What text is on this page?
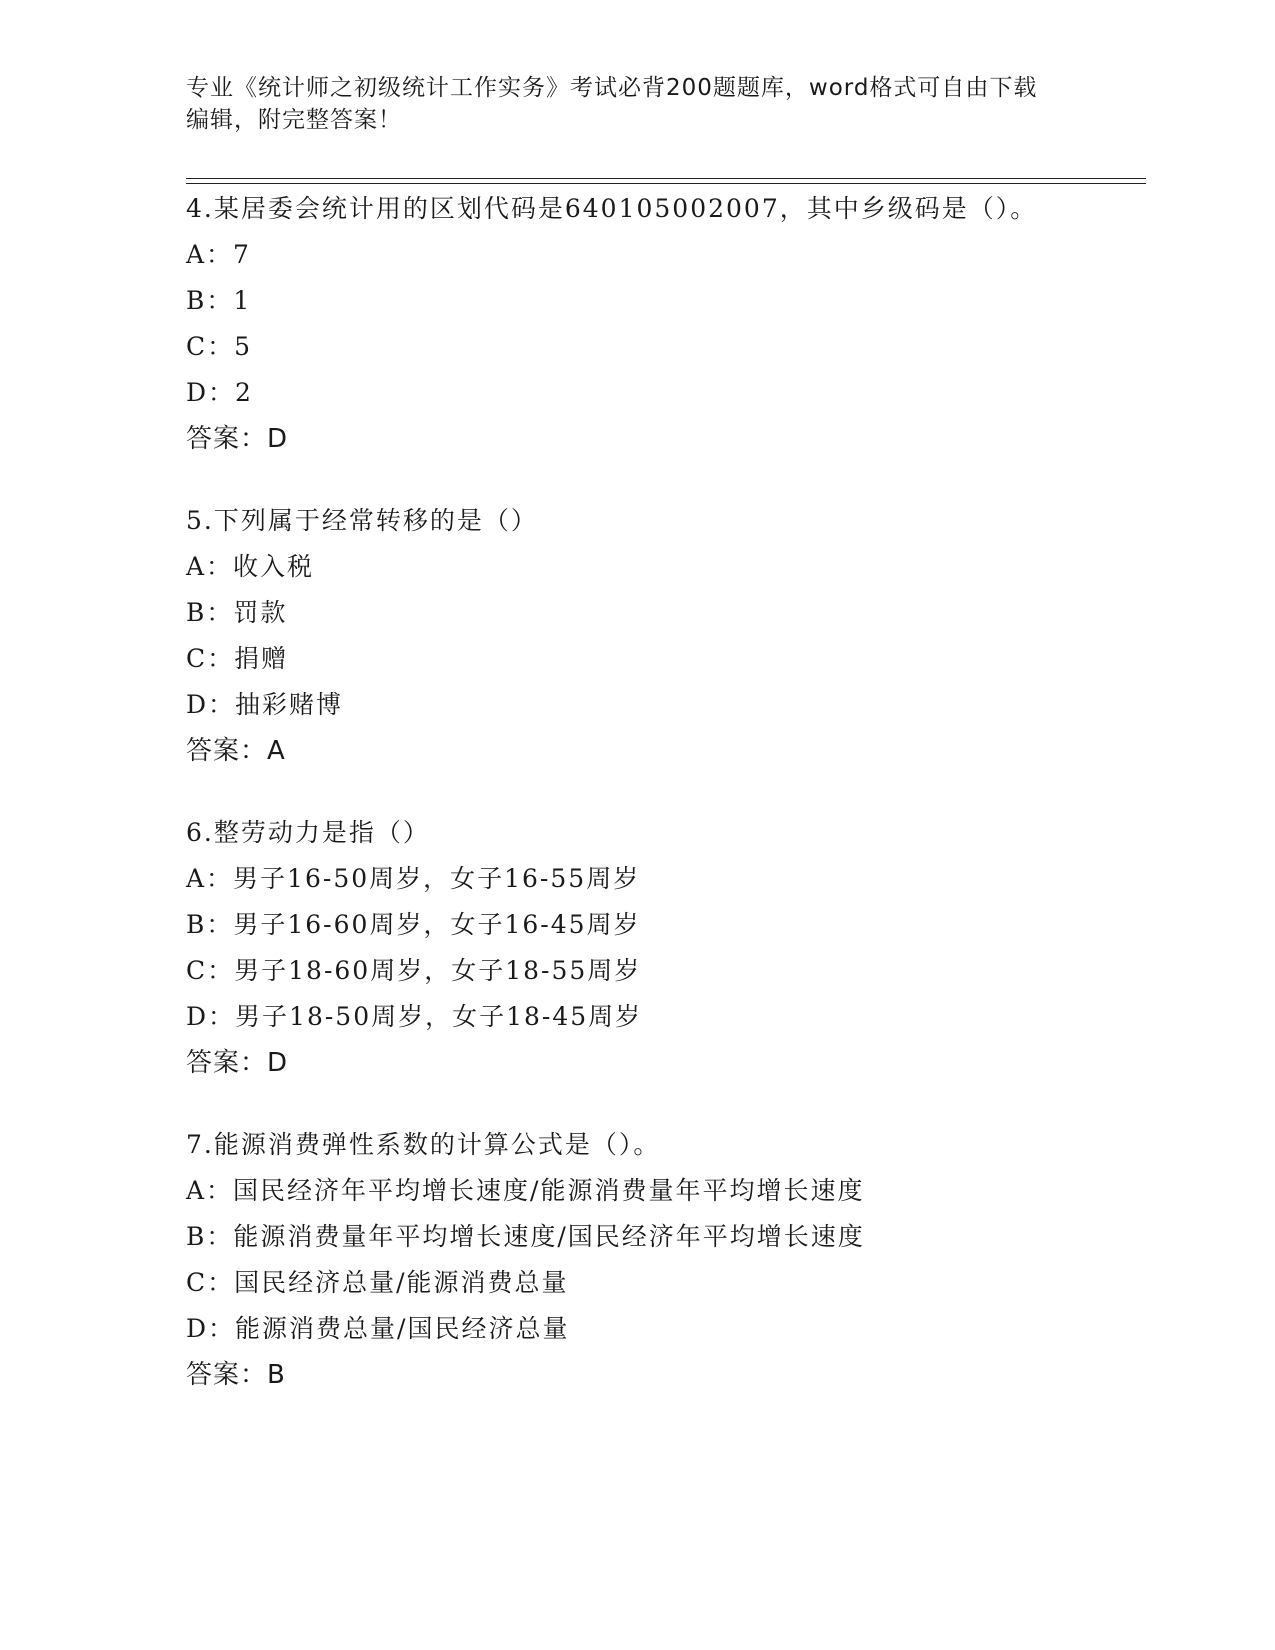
专业《统计师之初级统计工作实务》考试必背200题题库，word格式可自由下载
编辑，附完整答案！
4.某居委会统计用的区划代码是640105002007，其中乡级码是（）。
A：7
B：1
C：5
D：2
答案：D
5.下列属于经常转移的是（）
A：收入税
B：罚款
C：捐赠
D：抽彩赌博
答案：A
6.整劳动力是指（）
A：男子16-50周岁，女子16-55周岁
B：男子16-60周岁，女子16-45周岁
C：男子18-60周岁，女子18-55周岁
D：男子18-50周岁，女子18-45周岁
答案：D
7.能源消费弹性系数的计算公式是（）。
A：国民经济年平均增长速度/能源消费量年平均增长速度
B：能源消费量年平均增长速度/国民经济年平均增长速度
C：国民经济总量/能源消费总量
D：能源消费总量/国民经济总量
答案：B
